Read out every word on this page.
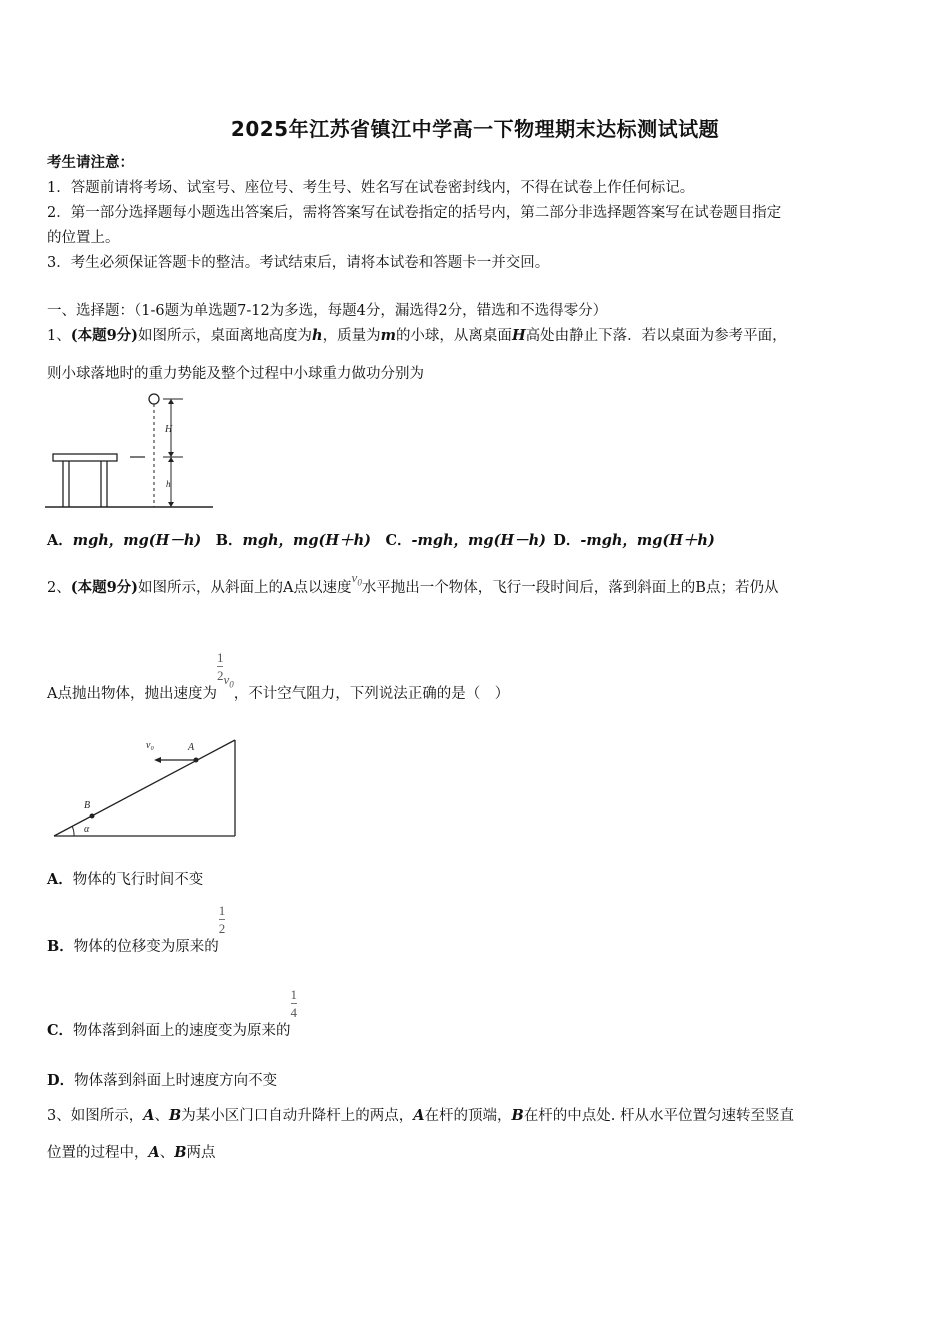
2025年江苏省镇江中学高一下物理期末达标测试试题
考生请注意：
1．答题前请将考场、试室号、座位号、考生号、姓名写在试卷密封线内，不得在试卷上作任何标记。
2．第一部分选择题每小题选出答案后，需将答案写在试卷指定的括号内，第二部分非选择题答案写在试卷题目指定
的位置上。
3．考生必须保证答题卡的整洁。考试结束后，请将本试卷和答题卡一并交回。
一、选择题：（1-6题为单选题7-12为多选，每题4分，漏选得2分，错选和不选得零分）
1、(本题9分)如图所示，桌面离地高度为h，质量为m的小球，从离桌面H高处由静止下落．若以桌面为参考平面，
则小球落地时的重力势能及整个过程中小球重力做功分别为
H
h
A．mgh，mg(H－h)  B．mgh，mg(H＋h)  C．-mgh，mg(H－h)  D．-mgh，mg(H＋h)
2、(本题9分)如图所示，从斜面上的A点以速度$v_0$水平抛出一个物体，飞行一段时间后，落到斜面上的B点；若仍从
A点抛出物体，抛出速度为
$\frac{1}{2} v_0$，不计空气阻力，下列说法正确的是（　）
v₀	A
B
α
A．物体的飞行时间不变
B．物体的位移变为原来的
$\frac{1}{2}$
C．物体落到斜面上的速度变为原来的
$\frac{1}{4}$
D．物体落到斜面上时速度方向不变
3、如图所示，A、B为某小区门口自动升降杆上的两点，A在杆的顶端，B在杆的中点处. 杆从水平位置匀速转至竖直
位置的过程中，A、B两点
